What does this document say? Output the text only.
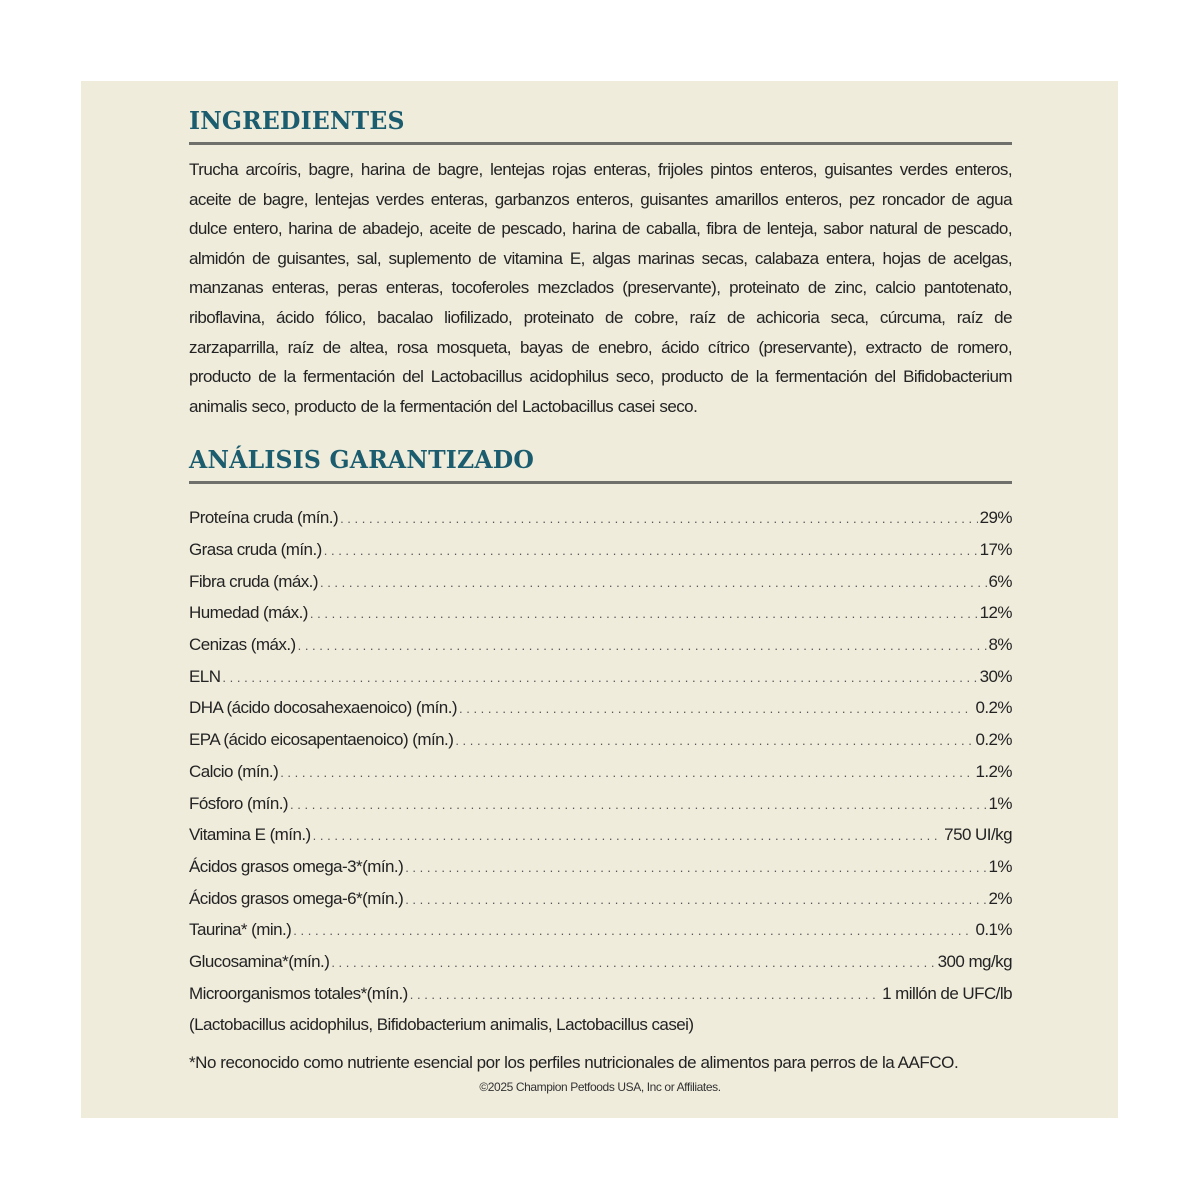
INGREDIENTES

Trucha arcoíris, bagre, harina de bagre, lentejas rojas enteras, frijoles pintos enteros, guisantes verdes enteros, aceite de bagre, lentejas verdes enteras, garbanzos enteros, guisantes amarillos enteros, pez roncador de agua dulce entero, harina de abadejo, aceite de pescado, harina de caballa, fibra de lenteja, sabor natural de pescado, almidón de guisantes, sal, suplemento de vitamina E, algas marinas secas, calabaza entera, hojas de acelgas, manzanas enteras, peras enteras, tocoferoles mezclados (preservante), proteinato de zinc, calcio pantotenato, riboflavina, ácido fólico, bacalao liofilizado, proteinato de cobre, raíz de achicoria seca, cúrcuma, raíz de zarzaparrilla, raíz de altea, rosa mosqueta, bayas de enebro, ácido cítrico (preservante), extracto de romero, producto de la fermentación del Lactobacillus acidophilus seco, producto de la fermentación del Bifidobacterium animalis seco, producto de la fermentación del Lactobacillus casei seco.

ANÁLISIS GARANTIZADO
Proteína cruda (mín.) . . .	29%
Grasa cruda (mín.) . . .	17%
Fibra cruda (máx.) . . .	6%
Humedad (máx.) . . .	12%
Cenizas (máx.) . . .	8%
ELN . . .	30%
DHA (ácido docosahexaenoico) (mín.) . . .	0.2%
EPA (ácido eicosapentaenoico) (mín.) . . .	0.2%
Calcio (mín.) . . .	1.2%
Fósforo (mín.) . . .	1%
Vitamina E (mín.) . . .	750 UI/kg
Ácidos grasos omega-3*(mín.) . . .	1%
Ácidos grasos omega-6*(mín.) . . .	2%
Taurina* (min.) . . .	0.1%
Glucosamina*(mín.) . . .	300 mg/kg
Microorganismos totales*(mín.) . . .	1 millón de UFC/lb
(Lactobacillus acidophilus, Bifidobacterium animalis, Lactobacillus casei)
*No reconocido como nutriente esencial por los perfiles nutricionales de alimentos para perros de la AAFCO.
©2025 Champion Petfoods USA, Inc or Affiliates.
